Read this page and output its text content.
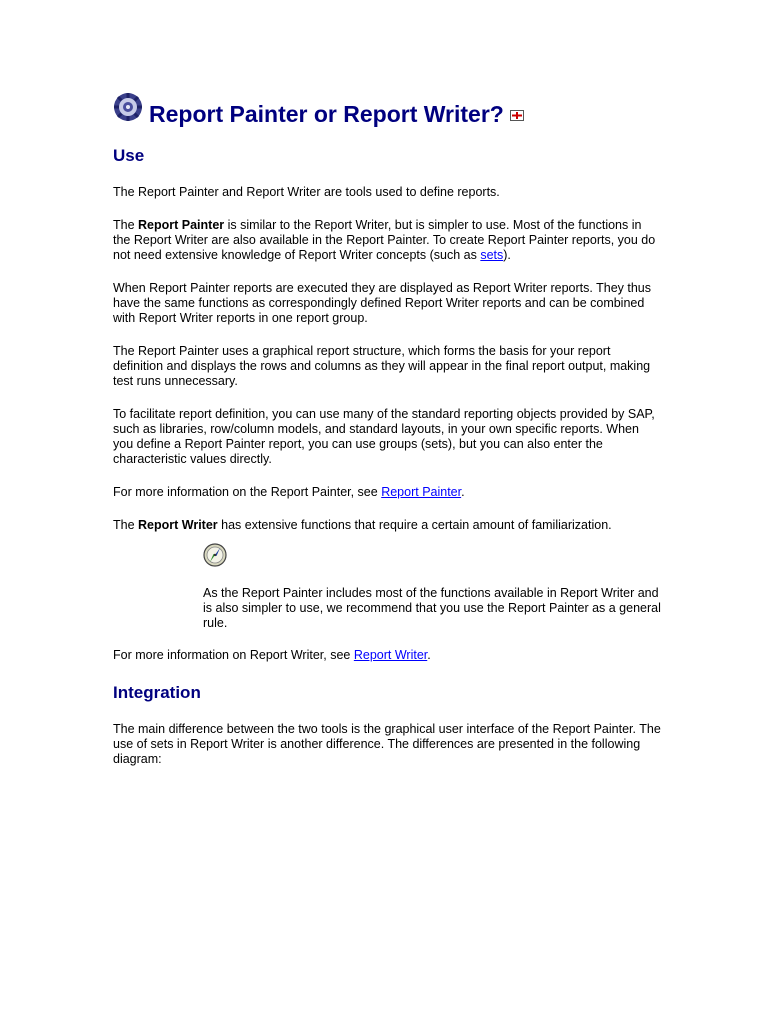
Report Painter or Report Writer?
Use

The Report Painter and Report Writer are tools used to define reports.

The Report Painter is similar to the Report Writer, but is simpler to use. Most of the functions in the Report Writer are also available in the Report Painter. To create Report Painter reports, you do not need extensive knowledge of Report Writer concepts (such as sets).

When Report Painter reports are executed they are displayed as Report Writer reports. They thus have the same functions as correspondingly defined Report Writer reports and can be combined with Report Writer reports in one report group.

The Report Painter uses a graphical report structure, which forms the basis for your report definition and displays the rows and columns as they will appear in the final report output, making test runs unnecessary.

To facilitate report definition, you can use many of the standard reporting objects provided by SAP, such as libraries, row/column models, and standard layouts, in your own specific reports. When you define a Report Painter report, you can use groups (sets), but you can also enter the characteristic values directly.

For more information on the Report Painter, see Report Painter.

The Report Writer has extensive functions that require a certain amount of familiarization.

As the Report Painter includes most of the functions available in Report Writer and is also simpler to use, we recommend that you use the Report Painter as a general rule.

For more information on Report Writer, see Report Writer.

Integration

The main difference between the two tools is the graphical user interface of the Report Painter. The use of sets in Report Writer is another difference. The differences are presented in the following diagram:
